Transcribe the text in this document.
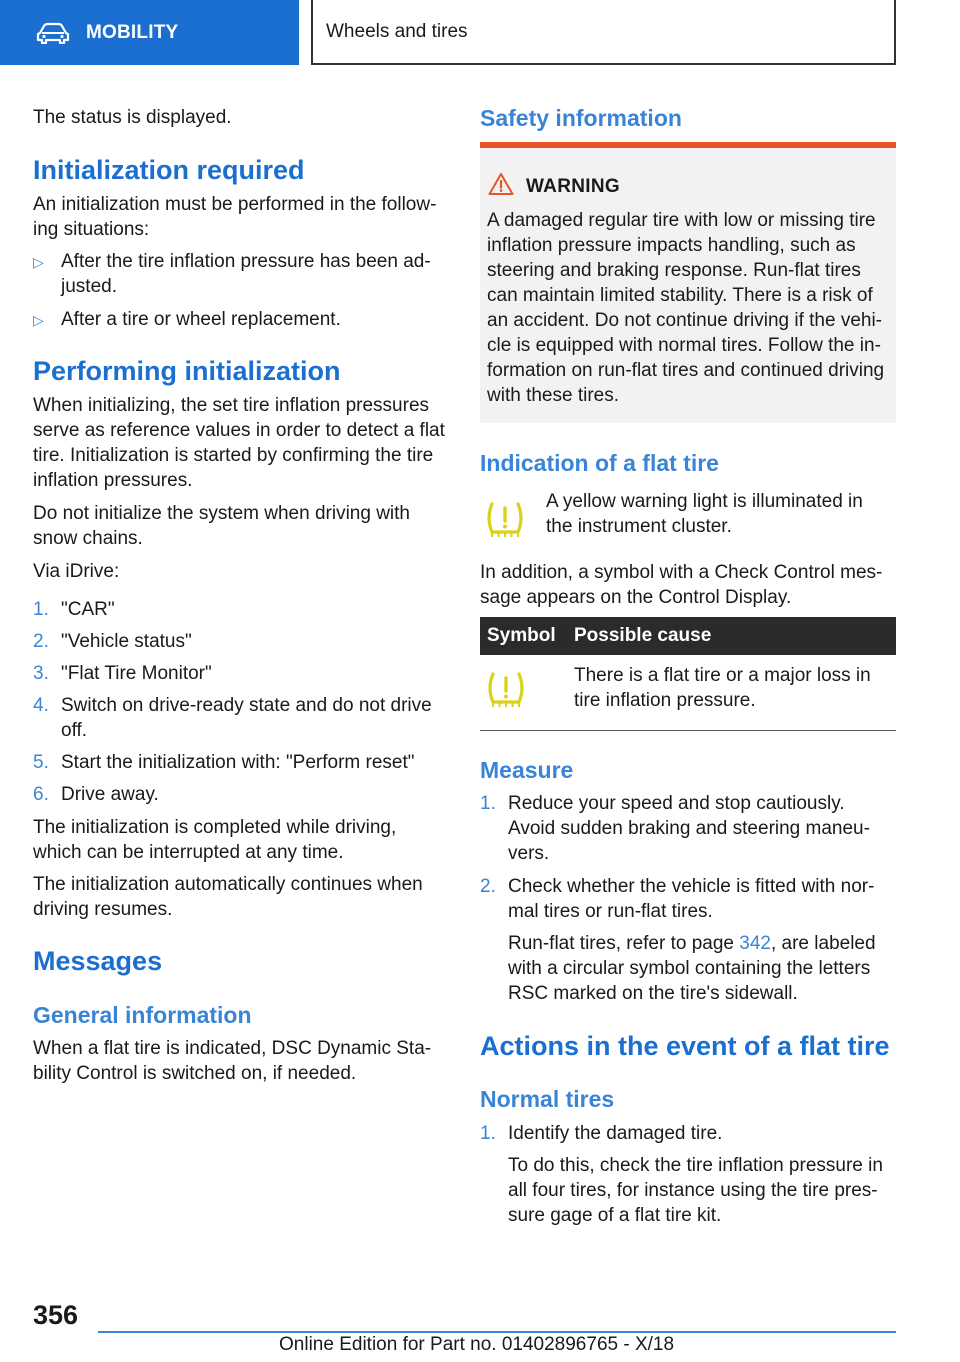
MOBILITY	Wheels and tires
The status is displayed.
Initialization required
An initialization must be performed in the follow-ing situations:
▷ After the tire inflation pressure has been ad-justed.
▷ After a tire or wheel replacement.
Performing initialization
When initializing, the set tire inflation pressures serve as reference values in order to detect a flat tire. Initialization is started by confirming the tire inflation pressures.
Do not initialize the system when driving with snow chains.
Via iDrive:
1. "CAR"
2. "Vehicle status"
3. "Flat Tire Monitor"
4. Switch on drive-ready state and do not drive off.
5. Start the initialization with: "Perform reset"
6. Drive away.
The initialization is completed while driving, which can be interrupted at any time.
The initialization automatically continues when driving resumes.
Messages
General information
When a flat tire is indicated, DSC Dynamic Sta-bility Control is switched on, if needed.
Safety information
WARNING
A damaged regular tire with low or missing tire inflation pressure impacts handling, such as steering and braking response. Run-flat tires can maintain limited stability. There is a risk of an accident. Do not continue driving if the vehi-cle is equipped with normal tires. Follow the in-formation on run-flat tires and continued driving with these tires.
Indication of a flat tire
A yellow warning light is illuminated in the instrument cluster.
In addition, a symbol with a Check Control mes-sage appears on the Control Display.
Symbol Possible cause
There is a flat tire or a major loss in tire inflation pressure.
Measure
1. Reduce your speed and stop cautiously. Avoid sudden braking and steering maneu-vers.
2. Check whether the vehicle is fitted with nor-mal tires or run-flat tires.
Run-flat tires, refer to page 342, are labeled with a circular symbol containing the letters RSC marked on the tire's sidewall.
Actions in the event of a flat tire
Normal tires
1. Identify the damaged tire.
To do this, check the tire inflation pressure in all four tires, for instance using the tire pres-sure gage of a flat tire kit.
356
Online Edition for Part no. 01402896765 - X/18
